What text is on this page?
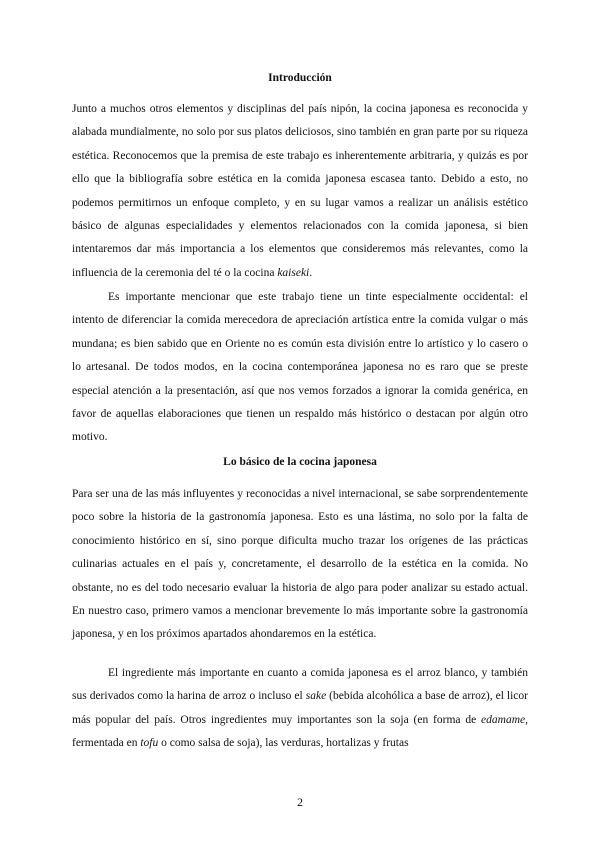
Introducción

Junto a muchos otros elementos y disciplinas del país nipón, la cocina japonesa es reconocida y alabada mundialmente, no solo por sus platos deliciosos, sino también en gran parte por su riqueza estética. Reconocemos que la premisa de este trabajo es inherentemente arbitraria, y quizás es por ello que la bibliografía sobre estética en la comida japonesa escasea tanto. Debido a esto, no podemos permitirnos un enfoque completo, y en su lugar vamos a realizar un análisis estético básico de algunas especialidades y elementos relacionados con la comida japonesa, si bien intentaremos dar más importancia a los elementos que consideremos más relevantes, como la influencia de la ceremonia del té o la cocina kaiseki.

Es importante mencionar que este trabajo tiene un tinte especialmente occidental: el intento de diferenciar la comida merecedora de apreciación artística entre la comida vulgar o más mundana; es bien sabido que en Oriente no es común esta división entre lo artístico y lo casero o lo artesanal. De todos modos, en la cocina contemporánea japonesa no es raro que se preste especial atención a la presentación, así que nos vemos forzados a ignorar la comida genérica, en favor de aquellas elaboraciones que tienen un respaldo más histórico o destacan por algún otro motivo.

Lo básico de la cocina japonesa

Para ser una de las más influyentes y reconocidas a nivel internacional, se sabe sorprendentemente poco sobre la historia de la gastronomía japonesa. Esto es una lástima, no solo por la falta de conocimiento histórico en sí, sino porque dificulta mucho trazar los orígenes de las prácticas culinarias actuales en el país y, concretamente, el desarrollo de la estética en la comida. No obstante, no es del todo necesario evaluar la historia de algo para poder analizar su estado actual. En nuestro caso, primero vamos a mencionar brevemente lo más importante sobre la gastronomía japonesa, y en los próximos apartados ahondaremos en la estética.

El ingrediente más importante en cuanto a comida japonesa es el arroz blanco, y también sus derivados como la harina de arroz o incluso el sake (bebida alcohólica a base de arroz), el licor más popular del país. Otros ingredientes muy importantes son la soja (en forma de edamame, fermentada en tofu o como salsa de soja), las verduras, hortalizas y frutas

2
